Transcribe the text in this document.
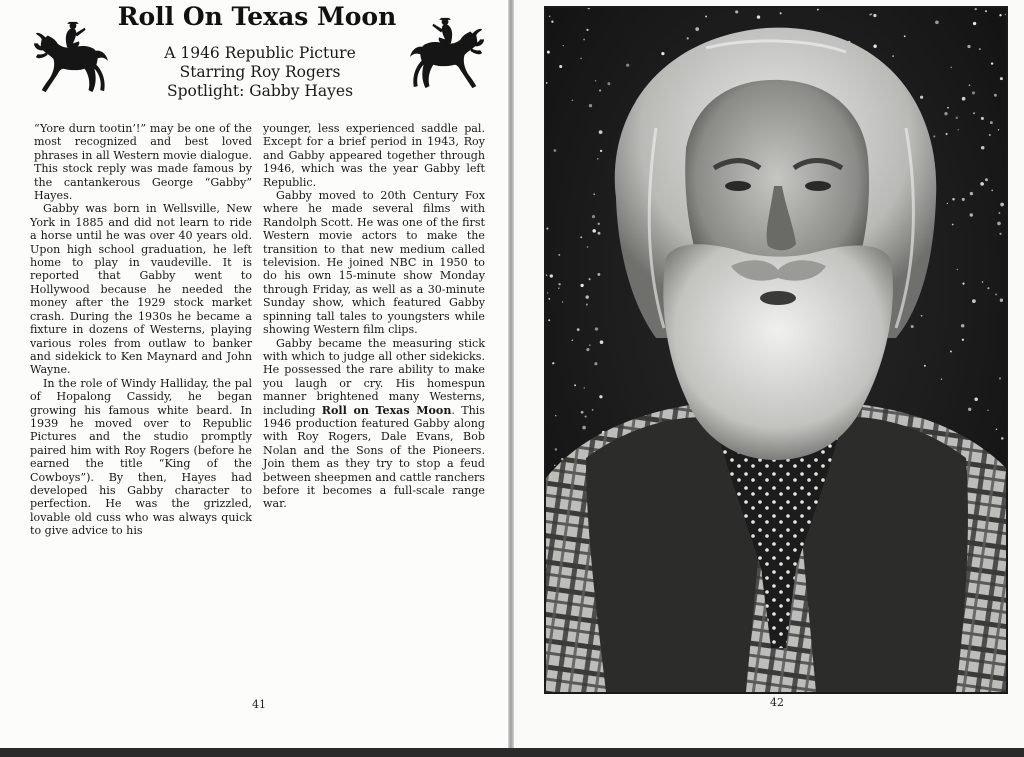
Roll On Texas Moon
A 1946 Republic Picture
Starring Roy Rogers
Spotlight: Gabby Hayes

“Yore durn tootin’!” may be one of the most recognized and best loved phrases in all Western movie dialogue. This stock reply was made famous by the cantankerous George “Gabby” Hayes.

Gabby was born in Wellsville, New York in 1885 and did not learn to ride a horse until he was over 40 years old. Upon high school graduation, he left home to play in vaudeville. It is reported that Gabby went to Hollywood because he needed the money after the 1929 stock market crash. During the 1930s he became a fixture in dozens of Westerns, playing various roles from outlaw to banker and sidekick to Ken Maynard and John Wayne.

In the role of Windy Halliday, the pal of Hopalong Cassidy, he began growing his famous white beard. In 1939 he moved over to Republic Pictures and the studio promptly paired him with Roy Rogers (before he earned the title “King of the Cowboys”). By then, Hayes had developed his Gabby character to perfection. He was the grizzled, lovable old cuss who was always quick to give advice to his

younger, less experienced saddle pal. Except for a brief period in 1943, Roy and Gabby appeared together through 1946, which was the year Gabby left Republic.

Gabby moved to 20th Century Fox where he made several films with Randolph Scott. He was one of the first Western movie actors to make the transition to that new medium called television. He joined NBC in 1950 to do his own 15-minute show Monday through Friday, as well as a 30-minute Sunday show, which featured Gabby spinning tall tales to youngsters while showing Western film clips.

Gabby became the measuring stick with which to judge all other sidekicks. He possessed the rare ability to make you laugh or cry. His homespun manner brightened many Westerns, including Roll on Texas Moon. This 1946 production featured Gabby along with Roy Rogers, Dale Evans, Bob Nolan and the Sons of the Pioneers. Join them as they try to stop a feud between sheepmen and cattle ranchers before it becomes a full-scale range war.

41	42
